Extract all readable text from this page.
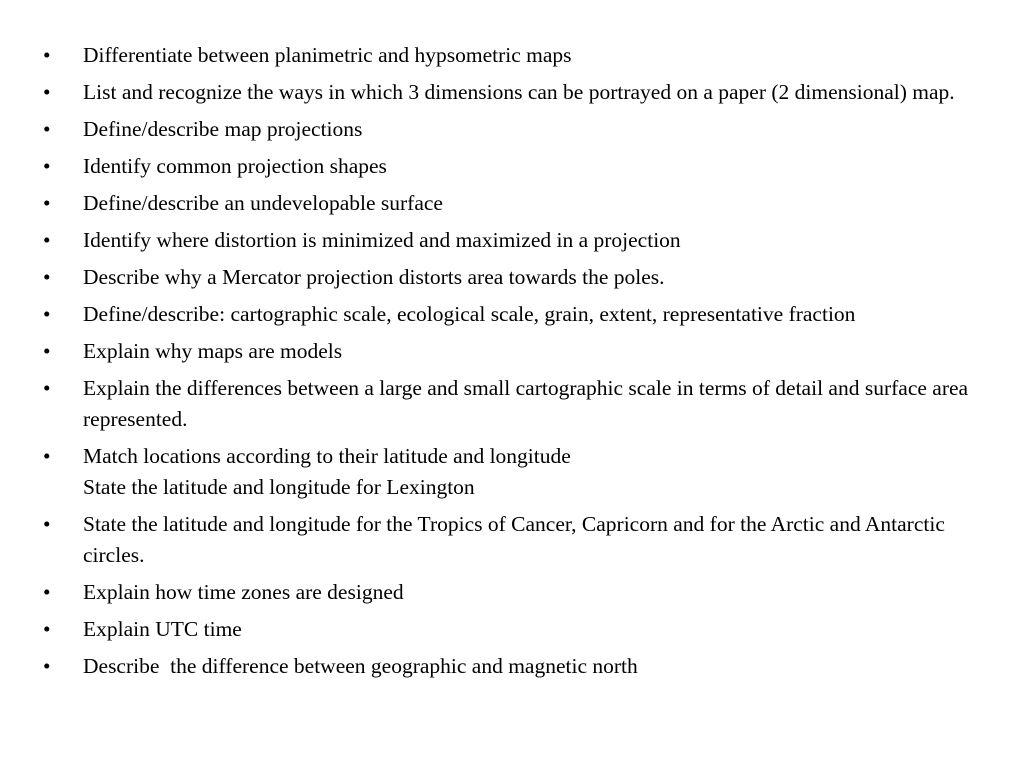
•	Differentiate between planimetric and hypsometric maps
•	List and recognize the ways in which 3 dimensions can be portrayed on a paper (2 dimensional) map.
•	Define/describe map projections
•	Identify common projection shapes
•	Define/describe an undevelopable surface
•	Identify where distortion is minimized and maximized in a projection
•	Describe why a Mercator projection distorts area towards the poles.
•	Define/describe: cartographic scale, ecological scale, grain, extent, representative fraction
•	Explain why maps are models
•	Explain the differences between a large and small cartographic scale in terms of detail and surface area represented.
•	Match locations according to their latitude and longitude
State the latitude and longitude for Lexington
•	State the latitude and longitude for the Tropics of Cancer, Capricorn and for the Arctic and Antarctic circles.
•	Explain how time zones are designed
•	Explain UTC time
•	Describe  the difference between geographic and magnetic north
